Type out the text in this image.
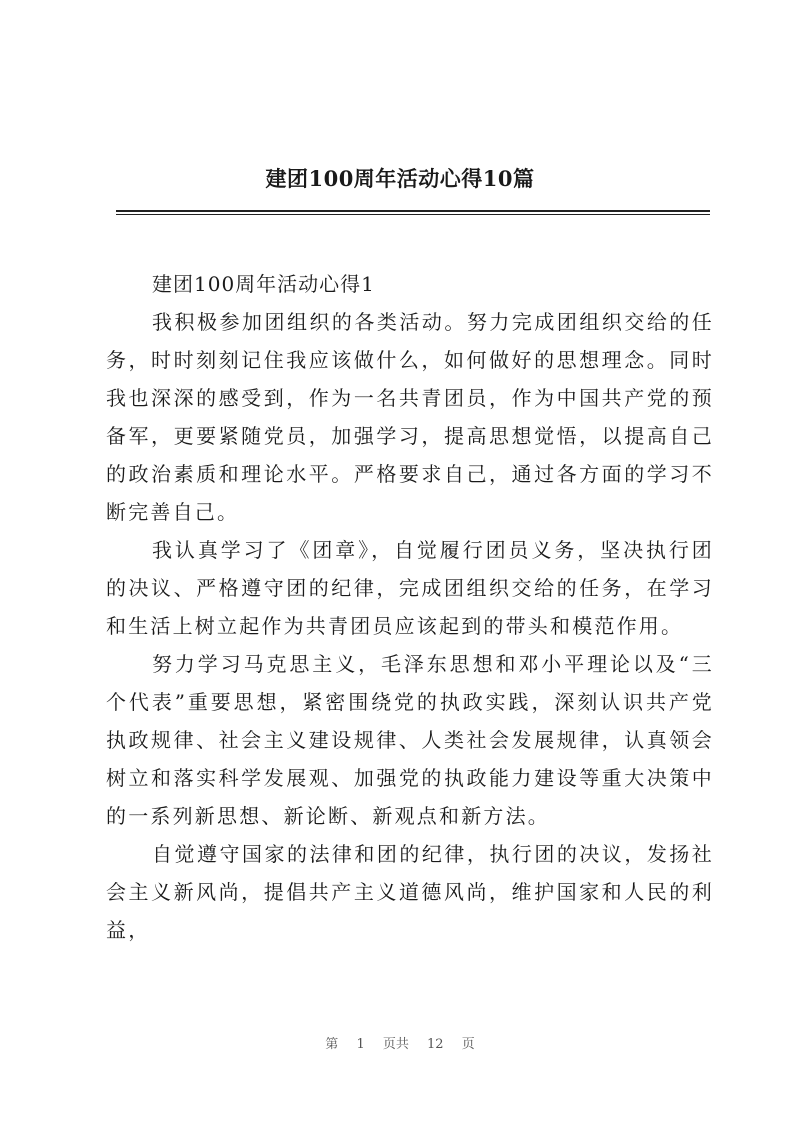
建团100周年活动心得10篇

建团100周年活动心得1

我积极参加团组织的各类活动。努力完成团组织交给的任务，时时刻刻记住我应该做什么，如何做好的思想理念。同时我也深深的感受到，作为一名共青团员，作为中国共产党的预备军，更要紧随党员，加强学习，提高思想觉悟，以提高自己的政治素质和理论水平。严格要求自己，通过各方面的学习不断完善自己。

我认真学习了《团章》，自觉履行团员义务，坚决执行团的决议、严格遵守团的纪律，完成团组织交给的任务，在学习和生活上树立起作为共青团员应该起到的带头和模范作用。

努力学习马克思主义，毛泽东思想和邓小平理论以及“三个代表”重要思想，紧密围绕党的执政实践，深刻认识共产党执政规律、社会主义建设规律、人类社会发展规律，认真领会树立和落实科学发展观、加强党的执政能力建设等重大决策中的一系列新思想、新论断、新观点和新方法。

自觉遵守国家的法律和团的纪律，执行团的决议，发扬社会主义新风尚，提倡共产主义道德风尚，维护国家和人民的利益，

第 1 页共 12 页
